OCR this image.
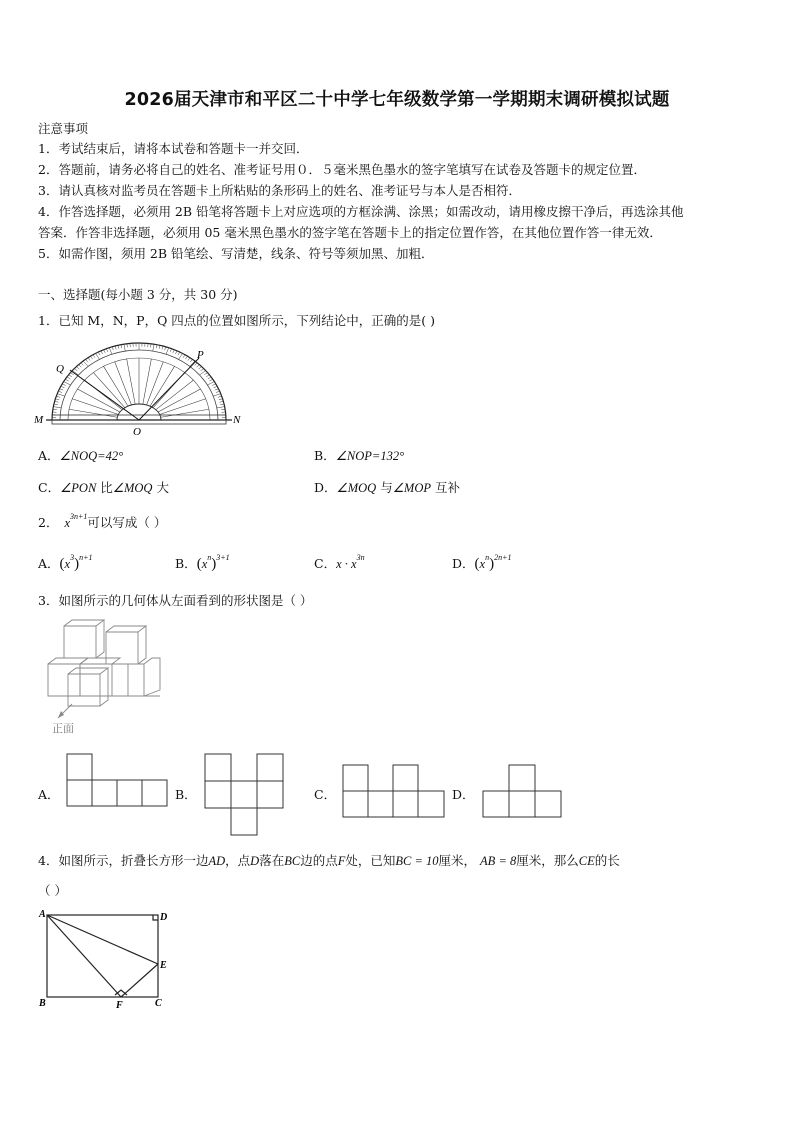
2026届天津市和平区二十中学七年级数学第一学期期末调研模拟试题
注意事项
1．考试结束后，请将本试卷和答题卡一并交回．
2．答题前，请务必将自己的姓名、准考证号用０．５毫米黑色墨水的签字笔填写在试卷及答题卡的规定位置．
3．请认真核对监考员在答题卡上所粘贴的条形码上的姓名、准考证号与本人是否相符．
4．作答选择题，必须用 2B 铅笔将答题卡上对应选项的方框涂满、涂黑；如需改动，请用橡皮擦干净后，再选涂其他
答案．作答非选择题，必须用 05 毫米黑色墨水的签字笔在答题卡上的指定位置作答，在其他位置作答一律无效．
5．如需作图，须用 2B 铅笔绘、写清楚，线条、符号等须加黑、加粗．
一、选择题(每小题 3 分，共 30 分)
1．已知 M，N，P，Q 四点的位置如图所示，下列结论中，正确的是( )
M	N
P
Q
O
A．∠NOQ=42°	B．∠NOP=132°
C．∠PON 比∠MOQ 大	D．∠MOQ 与∠MOP 互补
2． $x^{3n+1}$可以写成（ ）
A．$(x^3)^{n+1}$	B．$(x^n)^{3+1}$	C．$x \cdot x^{3n}$	D．$(x^n)^{2n+1}$
3．如图所示的几何体从左面看到的形状图是（ ）
正面
A．	B．	C．	D．
4．如图所示，折叠长方形一边AD，点D落在BC边的点F处，已知BC = 10厘米， AB = 8厘米，那么CE的长
（ ）
A	D
E
B	F	C
